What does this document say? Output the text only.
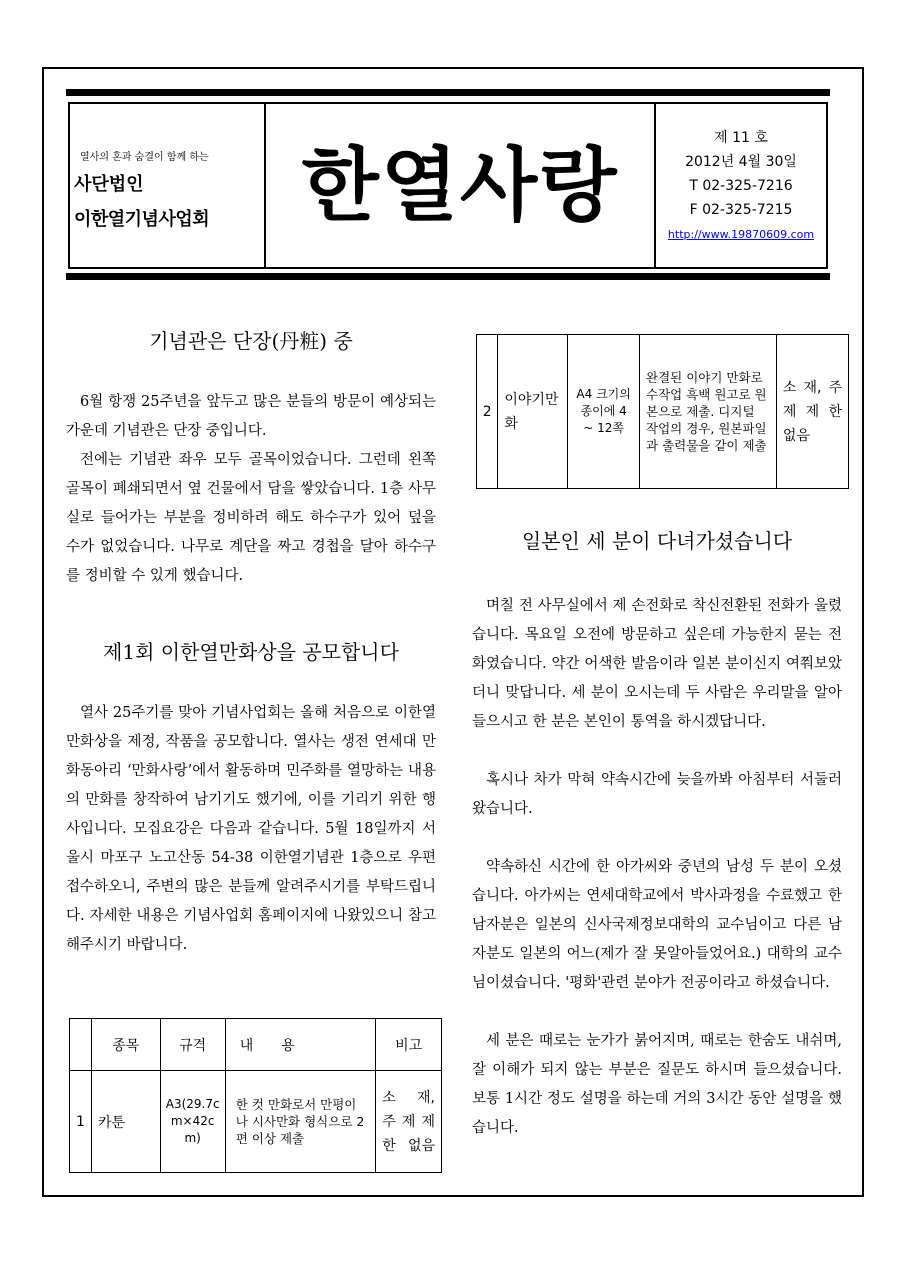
열사의 혼과 숨결이 함께 하는
사단법인
이한열기념사업회	한열사랑
제 11 호
2012년 4월 30일
T 02-325-7216
F 02-325-7215
http://www.19870609.com
기념관은 단장(丹粧) 중

6월 항쟁 25주년을 앞두고 많은 분들의 방문이 예상되는 가운데 기념관은 단장 중입니다.

전에는 기념관 좌우 모두 골목이었습니다. 그런데 왼쪽 골목이 폐쇄되면서 옆 건물에서 담을 쌓았습니다. 1층 사무실로 들어가는 부분을 정비하려 해도 하수구가 있어 덮을 수가 없었습니다. 나무로 계단을 짜고 경첩을 달아 하수구를 정비할 수 있게 했습니다.

제1회 이한열만화상을 공모합니다

열사 25주기를 맞아 기념사업회는 올해 처음으로 이한열만화상을 제정, 작품을 공모합니다. 열사는 생전 연세대 만화동아리 ‘만화사랑’에서 활동하며 민주화를 열망하는 내용의 만화를 창작하여 남기기도 했기에, 이를 기리기 위한 행사입니다. 모집요강은 다음과 같습니다. 5월 18일까지 서울시 마포구 노고산동 54-38 이한열기념관 1층으로 우편접수하오니, 주변의 많은 분들께 알려주시기를 부탁드립니다. 자세한 내용은 기념사업회 홈페이지에 나왔있으니 참고해주시기 바랍니다.

	종목	규격	내　　용	비고
1	카툰	A3(29.7cm×42cm)	한 컷 만화로서 만평이나 시사만화 형식으로 2편 이상 제출	소 재, 주 제 제 한 없음
2	이야기만화	A4 크기의 종이에 4 ~ 12쪽	완결된 이야기 만화로 수작업 흑백 원고로 원본으로 제출. 디지털 작업의 경우, 원본파일과 출력물을 같이 제출	소 재, 주 제 제 한 없음
일본인 세 분이 다녀가셨습니다

며칠 전 사무실에서 제 손전화로 착신전환된 전화가 울렸습니다. 목요일 오전에 방문하고 싶은데 가능한지 묻는 전화였습니다. 약간 어색한 발음이라 일본 분이신지 여쭤보았더니 맞답니다. 세 분이 오시는데 두 사람은 우리말을 알아들으시고 한 분은 본인이 통역을 하시겠답니다.

혹시나 차가 막혀 약속시간에 늦을까봐 아침부터 서둘러 왔습니다.

약속하신 시간에 한 아가씨와 중년의 남성 두 분이 오셨습니다. 아가씨는 연세대학교에서 박사과정을 수료했고 한 남자분은 일본의 신사국제정보대학의 교수님이고 다른 남자분도 일본의 어느(제가 잘 못알아들었어요.) 대학의 교수님이셨습니다. '평화'관련 분야가 전공이라고 하셨습니다.

세 분은 때로는 눈가가 붉어지며, 때로는 한숨도 내쉬며, 잘 이해가 되지 않는 부분은 질문도 하시며 들으셨습니다. 보통 1시간 정도 설명을 하는데 거의 3시간 동안 설명을 했습니다.
